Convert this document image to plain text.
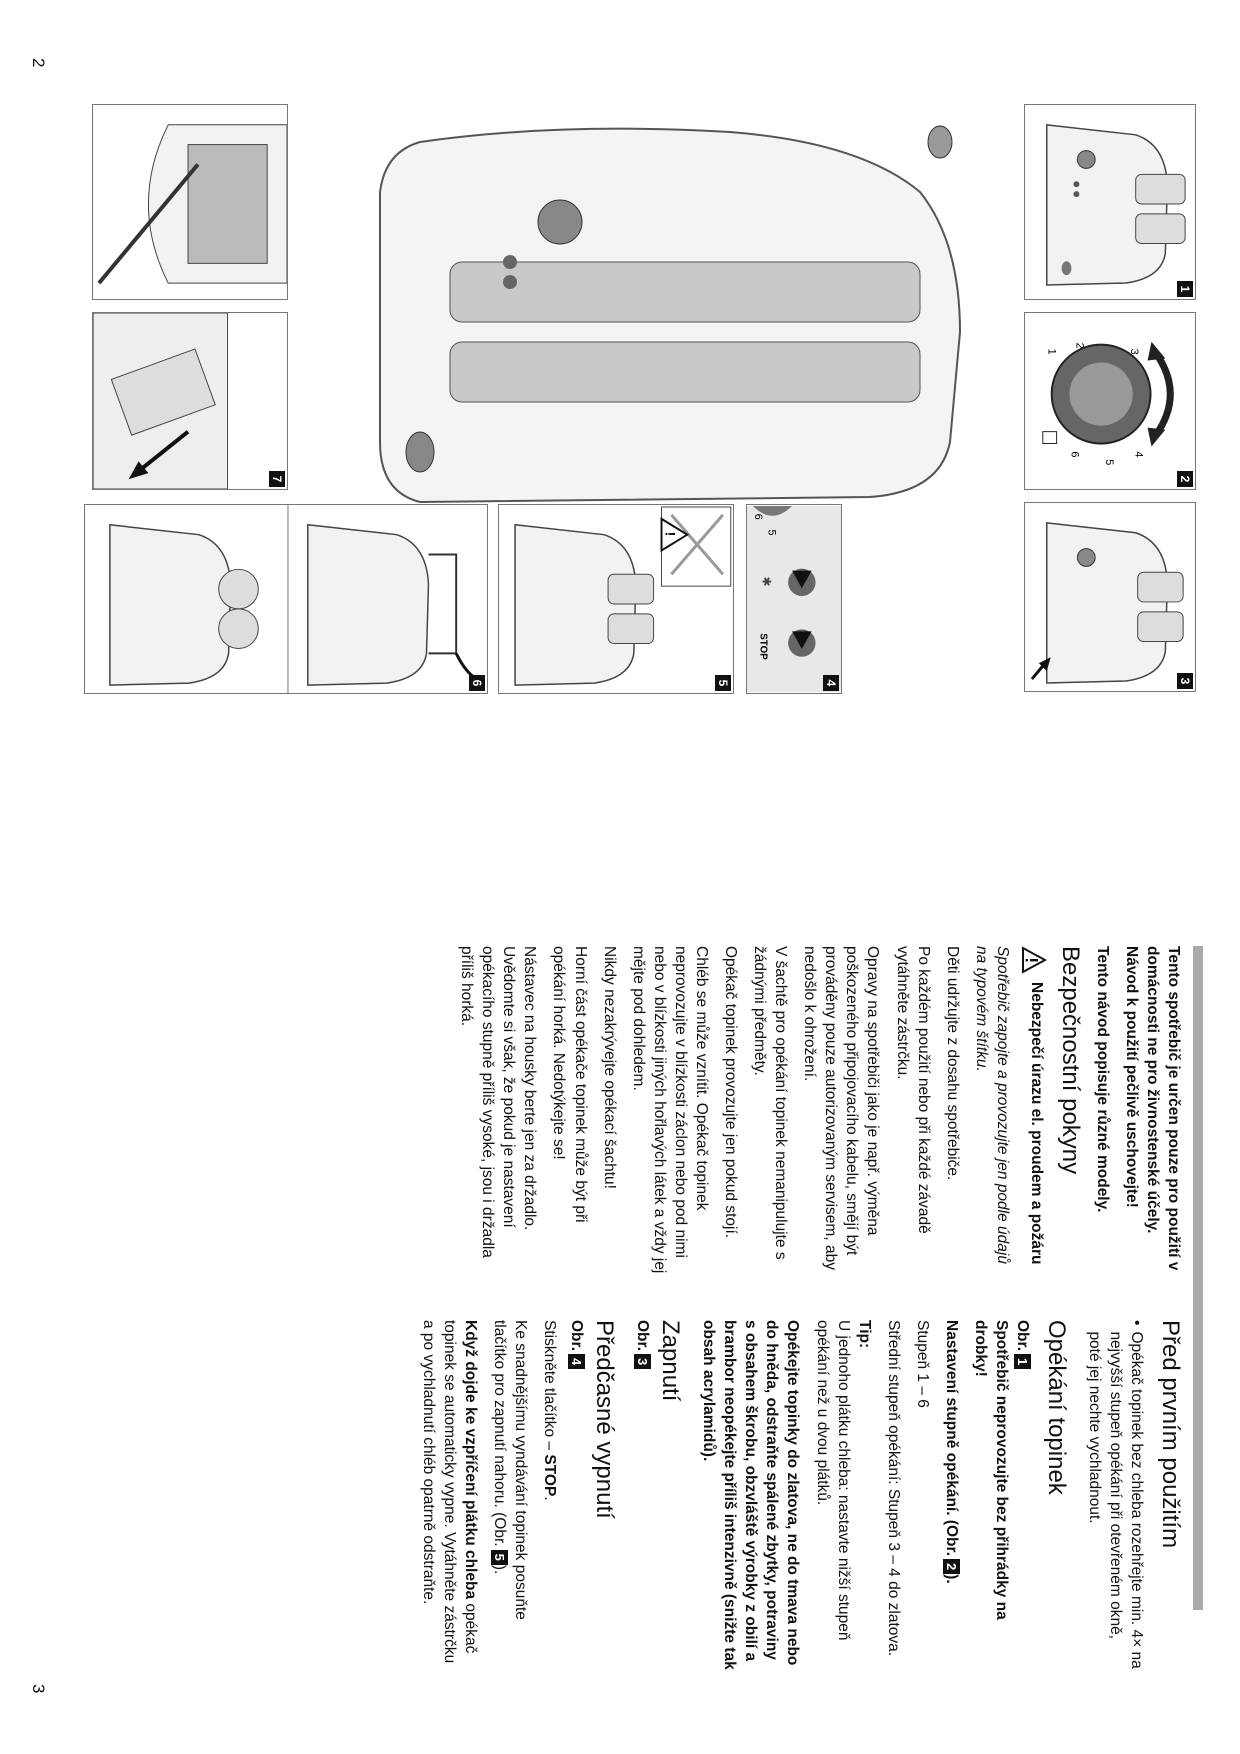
2
3
1
1
2
3
4
5
6
2
3
5
6
STOP
✱
4
!
5
6
7

Tento spotřebič je určen pouze pro použití v domácnosti ne pro živnostenské účely. Návod k použití pečlivě uschovejte!

Tento návod popisuje různé modely.

Bezpečnostní pokyny
Nebezpečí úrazu el. proudem a požáru

Spotřebič zapojte a provozujte jen podle údajů na typovém štítku.

Děti udržujte z dosahu spotřebiče.

Po každém použití nebo při každé závadě vytáhněte zástrčku.

Opravy na spotřebiči jako je např. výměna poškozeného připojovacího kabelu, smějí být prováděny pouze autorizovaným servisem, aby nedošlo k ohrožení.

V šachtě pro opékání topinek nemanipulujte s žádnými předměty.

Opékač topinek provozujte jen pokud stojí.

Chléb se může vznítit. Opékač topinek neprovozujte v blízkosti záclon nebo pod nimi nebo v blízkosti jiných hořlavých látek a vždy jej mějte pod dohledem.

Nikdy nezakrývejte opékací šachtu!

Horní část opékače topinek může být při opékání horká. Nedotýkejte se!

Nástavec na housky berte jen za držadlo. Uvědomte si však, že pokud je nastavení opékacího stupně příliš vysoké, jsou i držadla příliš horká.

Před prvním použitím
•
Opékač topinek bez chleba rozehřejte min. 4× na nejvyšší stupeň opékání při otevřeném okně, poté jej nechte vychladnout.
Opékání topinek

Obr.1

Spotřebič neprovozujte bez přihrádky na drobky!

Nastavení stupně opékání. (Obr.2).

Stupeň 1 – 6

Střední stupeň opékání: Stupeň 3 – 4 do zlatova.

Tip:

U jednoho plátku chleba: nastavte nižší stupeň opékání než u dvou plátků.

Opékejte topinky do zlatova, ne do tmava nebo do hněda, odstraňte spálené zbytky, potraviny s obsahem škrobu, obzvláště výrobky z obilí a brambor neopékejte příliš intenzivně (snižte tak obsah acrylamidů).

Zapnutí

Obr.3

Předčasné vypnutí

Obr.4

Stiskněte tlačítko – STOP.

Ke snadnějšímu vyndávání topinek posuňte tlačítko pro zapnutí nahoru. (Obr.5).

Když dojde ke vzpříčení plátku chleba opékač topinek se automaticky vypne. Vytáhněte zástrčku a po vychladnutí chléb opatrně odstraňte.
